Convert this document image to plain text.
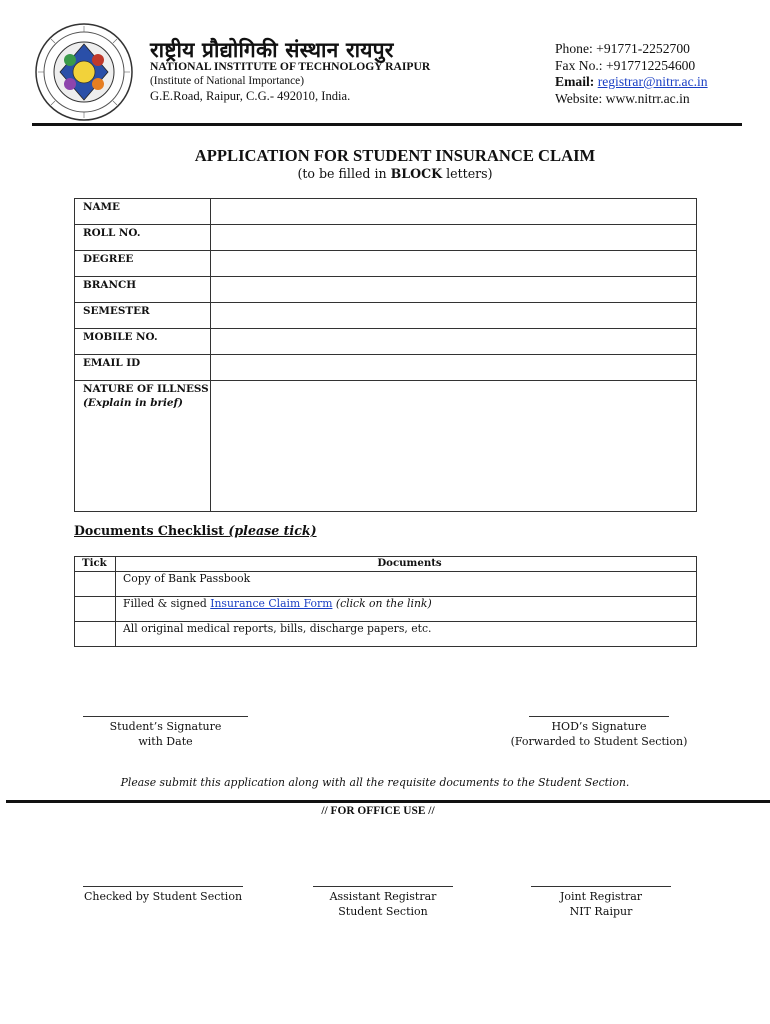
राष्ट्रीय प्रौद्योगिकी संस्थान रायपुर
NATIONAL INSTITUTE OF TECHNOLOGY RAIPUR
(Institute of National Importance)
G.E.Road, Raipur, C.G.- 492010, India.
Phone: +91771-2252700
Fax No.: +917712254600
Email: registrar@nitrr.ac.in
Website: www.nitrr.ac.in
APPLICATION FOR STUDENT INSURANCE CLAIM
(to be filled in BLOCK letters)
NAME	

ROLL NO.	

DEGREE	

BRANCH	

SEMESTER	

MOBILE NO.	

EMAIL ID	

NATURE OF ILLNESS
(Explain in brief)	

Documents Checklist (please tick)
Tick	Documents
	Copy of Bank Passbook
	Filled & signed Insurance Claim Form (click on the link)
	All original medical reports, bills, discharge papers, etc.
Student’s Signature
with Date
HOD’s Signature
(Forwarded to Student Section)
Please submit this application along with all the requisite documents to the Student Section.
// FOR OFFICE USE //
Checked by Student Section	Assistant Registrar
Student Section
Joint Registrar
NIT Raipur
